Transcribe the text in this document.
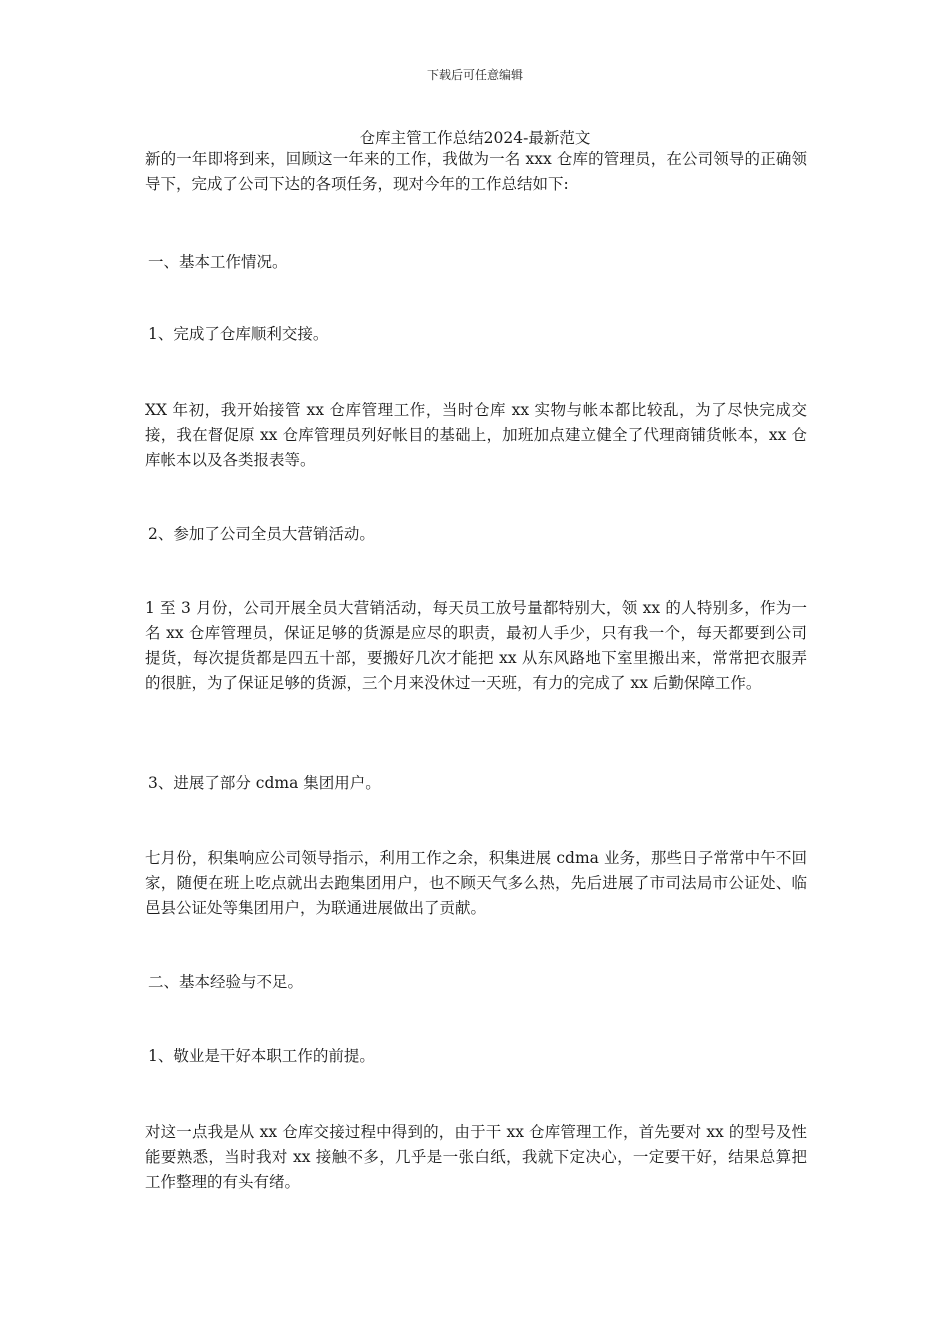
下载后可任意编辑
仓库主管工作总结2024-最新范文

新的一年即将到来，回顾这一年来的工作，我做为一名 xxx 仓库的管理员，在公司领导的正确领导下，完成了公司下达的各项任务，现对今年的工作总结如下:

一、基本工作情况。

1、完成了仓库顺利交接。

XX 年初，我开始接管 xx 仓库管理工作，当时仓库 xx 实物与帐本都比较乱，为了尽快完成交接，我在督促原 xx 仓库管理员列好帐目的基础上，加班加点建立健全了代理商铺货帐本，xx 仓库帐本以及各类报表等。

2、参加了公司全员大营销活动。

1 至 3 月份，公司开展全员大营销活动，每天员工放号量都特别大，领 xx 的人特别多，作为一名 xx 仓库管理员，保证足够的货源是应尽的职责，最初人手少，只有我一个，每天都要到公司提货，每次提货都是四五十部，要搬好几次才能把 xx 从东风路地下室里搬出来，常常把衣服弄的很脏，为了保证足够的货源，三个月来没休过一天班，有力的完成了 xx 后勤保障工作。

3、进展了部分 cdma 集团用户。

七月份，积集响应公司领导指示，利用工作之余，积集进展 cdma 业务，那些日子常常中午不回家，随便在班上吃点就出去跑集团用户，也不顾天气多么热，先后进展了市司法局市公证处、临邑县公证处等集团用户，为联通进展做出了贡献。

二、基本经验与不足。

1、敬业是干好本职工作的前提。

对这一点我是从 xx 仓库交接过程中得到的，由于干 xx 仓库管理工作，首先要对 xx 的型号及性能要熟悉，当时我对 xx 接触不多，几乎是一张白纸，我就下定决心，一定要干好，结果总算把工作整理的有头有绪。
